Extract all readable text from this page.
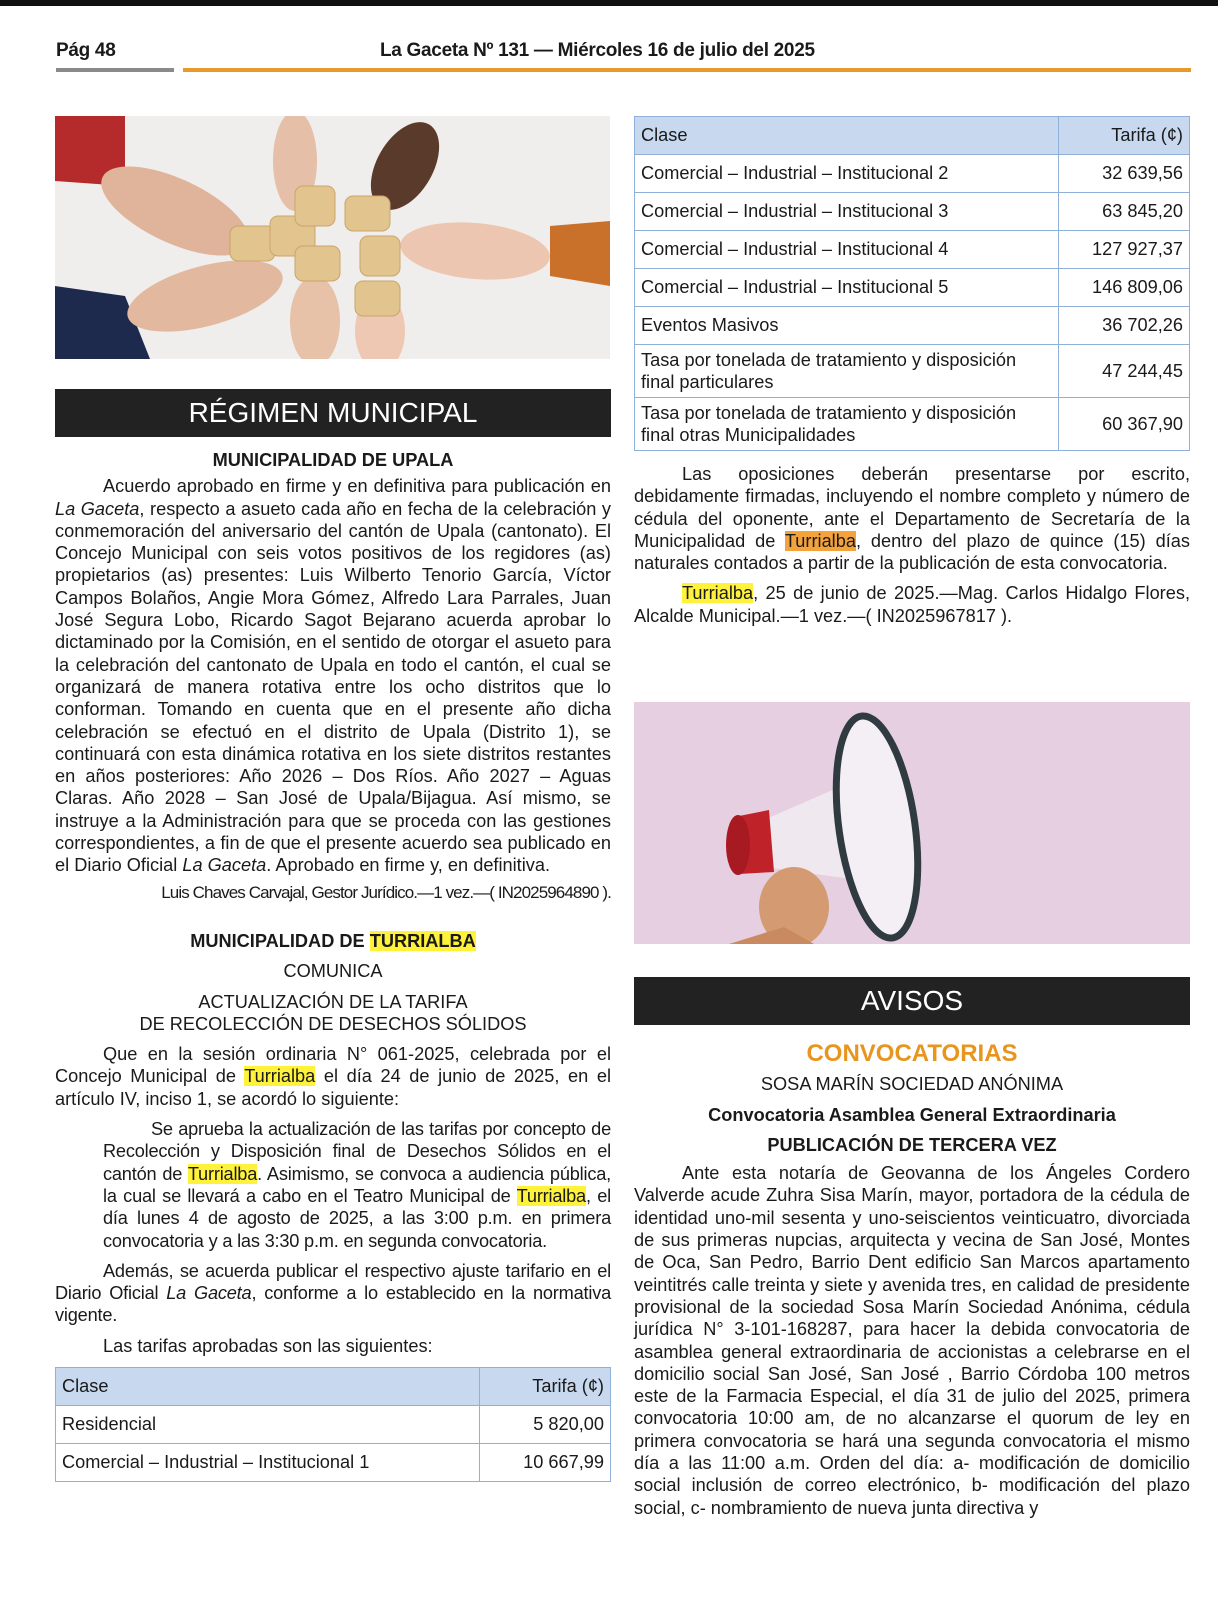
Pág 48	La Gaceta Nº 131 — Miércoles 16 de julio del 2025
RÉGIMEN MUNICIPAL

MUNICIPALIDAD DE UPALA

Acuerdo aprobado en firme y en definitiva para publicación en La Gaceta, respecto a asueto cada año en fecha de la celebración y conmemoración del aniversario del cantón de Upala (cantonato). El Concejo Municipal con seis votos positivos de los regidores (as) propietarios (as) presentes: Luis Wilberto Tenorio García, Víctor Campos Bolaños, Angie Mora Gómez, Alfredo Lara Parrales, Juan José Segura Lobo, Ricardo Sagot Bejarano acuerda aprobar lo dictaminado por la Comisión, en el sentido de otorgar el asueto para la celebración del cantonato de Upala en todo el cantón, el cual se organizará de manera rotativa entre los ocho distritos que lo conforman. Tomando en cuenta que en el presente año dicha celebración se efectuó en el distrito de Upala (Distrito 1), se continuará con esta dinámica rotativa en los siete distritos restantes en años posteriores: Año 2026 – Dos Ríos. Año 2027 – Aguas Claras. Año 2028 – San José de Upala/Bijagua. Así mismo, se instruye a la Administración para que se proceda con las gestiones correspondientes, a fin de que el presente acuerdo sea publicado en el Diario Oficial La Gaceta. Aprobado en firme y, en definitiva.

Luis Chaves Carvajal, Gestor Jurídico.—1 vez.—( IN2025964890 ).

MUNICIPALIDAD DE TURRIALBA

COMUNICA

ACTUALIZACIÓN DE LA TARIFA

DE RECOLECCIÓN DE DESECHOS SÓLIDOS

Que en la sesión ordinaria N° 061-2025, celebrada por el Concejo Municipal de Turrialba el día 24 de junio de 2025, en el artículo IV, inciso 1, se acordó lo siguiente:

Se aprueba la actualización de las tarifas por concepto de Recolección y Disposición final de Desechos Sólidos en el cantón de Turrialba. Asimismo, se convoca a audiencia pública, la cual se llevará a cabo en el Teatro Municipal de Turrialba, el día lunes 4 de agosto de 2025, a las 3:00 p.m. en primera convocatoria y a las 3:30 p.m. en segunda convocatoria.

Además, se acuerda publicar el respectivo ajuste tarifario en el Diario Oficial La Gaceta, conforme a lo establecido en la normativa vigente.

Las tarifas aprobadas son las siguientes:

Clase	Tarifa (¢)
Residencial	5 820,00
Comercial – Industrial – Institucional 1	10 667,99
Clase	Tarifa (¢)
Comercial – Industrial – Institucional 2	32 639,56
Comercial – Industrial – Institucional 3	63 845,20
Comercial – Industrial – Institucional 4	127 927,37
Comercial – Industrial – Institucional 5	146 809,06
Eventos Masivos	36 702,26
Tasa por tonelada de tratamiento y disposición final particulares	47 244,45
Tasa por tonelada de tratamiento y disposición final otras Municipalidades	60 367,90

Las oposiciones deberán presentarse por escrito, debidamente firmadas, incluyendo el nombre completo y número de cédula del oponente, ante el Departamento de Secretaría de la Municipalidad de Turrialba, dentro del plazo de quince (15) días naturales contados a partir de la publicación de esta convocatoria.

Turrialba, 25 de junio de 2025.—Mag. Carlos Hidalgo Flores, Alcalde Municipal.—1 vez.—( IN2025967817 ).

AVISOS

CONVOCATORIAS

SOSA MARÍN SOCIEDAD ANÓNIMA

Convocatoria Asamblea General Extraordinaria

PUBLICACIÓN DE TERCERA VEZ

Ante esta notaría de Geovanna de los Ángeles Cordero Valverde acude Zuhra Sisa Marín, mayor, portadora de la cédula de identidad uno-mil sesenta y uno-seiscientos veinticuatro, divorciada de sus primeras nupcias, arquitecta y vecina de San José, Montes de Oca, San Pedro, Barrio Dent edificio San Marcos apartamento veintitrés calle treinta y siete y avenida tres, en calidad de presidente provisional de la sociedad Sosa Marín Sociedad Anónima, cédula jurídica N° 3-101-168287, para hacer la debida convocatoria de asamblea general extraordinaria de accionistas a celebrarse en el domicilio social San José, San José , Barrio Córdoba 100 metros este de la Farmacia Especial, el día 31 de julio del 2025, primera convocatoria 10:00 am, de no alcanzarse el quorum de ley en primera convocatoria se hará una segunda convocatoria el mismo día a las 11:00 a.m. Orden del día: a- modificación de domicilio social inclusión de correo electrónico, b- modificación del plazo social, c- nombramiento de nueva junta directiva y
